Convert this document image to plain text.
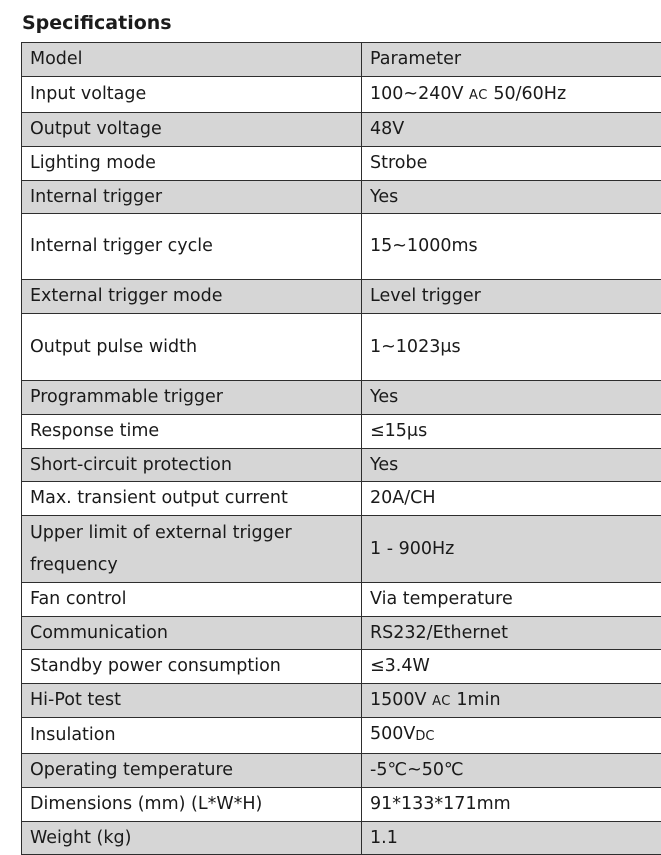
Specifications
Model	Parameter
Input voltage	100~240V AC 50/60Hz
Output voltage	48V
Lighting mode	Strobe
Internal trigger	Yes
Internal trigger cycle	15~1000ms
External trigger mode	Level trigger
Output pulse width	1~1023μs
Programmable trigger	Yes
Response time	≤15μs
Short-circuit protection	Yes
Max. transient output current	20A/CH
Upper limit of external trigger frequency	1 - 900Hz
Fan control	Via temperature
Communication	RS232/Ethernet
Standby power consumption	≤3.4W
Hi-Pot test	1500V AC 1min
Insulation	500VDC
Operating temperature	-5℃~50℃
Dimensions (mm) (L*W*H)	91*133*171mm
Weight (kg)	1.1
